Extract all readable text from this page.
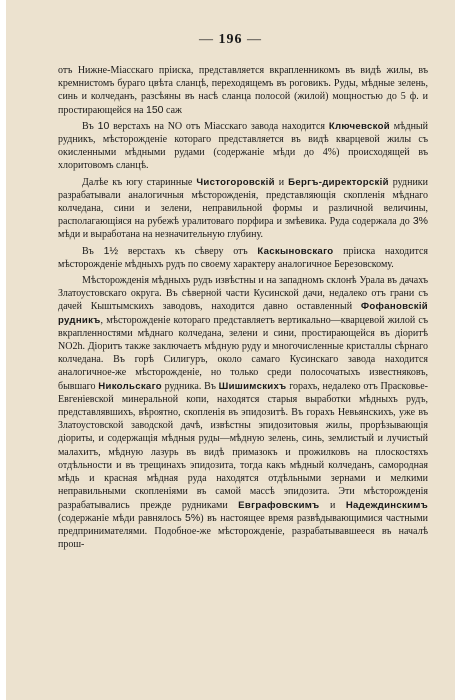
— 196 —

отъ Нижне-Міасскаго пріиска, представляется вкрапленникомъ въ видѣ жилы, въ кремнистомъ бураго цвѣта сланцѣ, переходящемъ въ роговикъ. Руды, мѣдные зелень, синь и колчеданъ, разсѣяны въ насѣ сланца полосой (жилой) мощностью до 5 ф. и простирающейся на 150 саж

Въ 10 верстахъ на NO отъ Міасскаго завода находится Ключевской мѣдный рудникъ, мѣсторожденіе котораго представляется въ видѣ кварцевой жилы съ окисленными мѣдными рудами (содержаніе мѣди до 4%) происходящей въ хлоритовомъ сланцѣ.

Далѣе къ югу старинные Чистогоровскій и Бергъ-директорскій рудники разрабатывали аналогичныя мѣсторожденія, представляющія скопленія мѣднаго колчедана, сини и зелени, неправильной формы и различной величины, располагающіяся на рубежѣ уралитоваго порфира и змѣевика. Руда содержала до 3% мѣди и выработана на незначительную глубину.

Въ 1½ верстахъ къ сѣверу отъ Каскыновскаго пріиска находится мѣсторожденіе мѣдныхъ рудъ по своему характеру аналогичное Березовскому.

Мѣсторожденія мѣдныхъ рудъ извѣстны и на западномъ склонѣ Урала въ дачахъ Златоустовскаго округа. Въ сѣверной части Кусинской дачи, недалеко отъ грани съ дачей Кыштымскихъ заводовъ, находится давно оставленный Фофановскій рудникъ, мѣсторожденіе котораго представляетъ вертикально—кварцевой жилой съ вкрапленностями мѣднаго колчедана, зелени и сини, простирающейся въ діоритѣ NO2h. Діоритъ также заключаетъ мѣдную руду и многочисленные кристаллы сѣрнаго колчедана. Въ горѣ Силигуръ, около самаго Кусинскаго завода находится аналогичное-же мѣсторожденіе, но только среди полосочатыхъ известняковъ, бывшаго Никольскаго рудника. Въ Шишимскихъ горахъ, недалеко отъ Прасковье-Евгеніевской минеральной копи, находятся старыя выработки мѣдныхъ рудъ, представлявшихъ, вѣроятно, скопленія въ эпидозитѣ. Въ горахъ Невьянскихъ, уже въ Златоустовской заводской дачѣ, извѣстны эпидозитовыя жилы, прорѣзывающія діориты, и содержащія мѣдныя руды—мѣдную зелень, синь, землистый и лучистый малахитъ, мѣдную лазурь въ видѣ примазокъ и прожилковъ на плоскостяхъ отдѣльности и въ трещинахъ эпидозита, тогда какъ мѣдный колчеданъ, самородная мѣдь и красная мѣдная руда находятся отдѣльными зернами и мелкими неправильными скопленіями въ самой массѣ эпидозита. Эти мѣсторожденія разрабатывались прежде рудниками Евграфовскимъ и Надеждинскимъ (содержаніе мѣди равнялось 5%) въ настоящее время развѣдывающимися частными предпринимателями. Подобное-же мѣсторожденіе, разрабатывавшееся въ началѣ прош-
